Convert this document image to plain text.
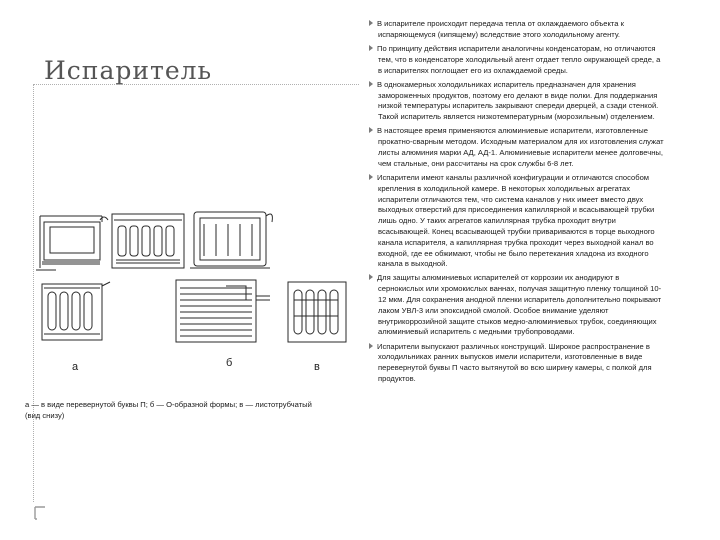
Испаритель
В испарителе происходит передача тепла от охлаждаемого объекта к испаряющемуся (кипящему) вследствие этого холодильному агенту.
По принципу действия испарители аналогичны конденсаторам, но отличаются тем, что в конденсаторе холодильный агент отдает тепло окружающей среде, а в испарителях поглощает его из охлаждаемой среды.
В однокамерных холодильниках испаритель предназначен для хранения замороженных продуктов, поэтому его делают в виде полки. Для поддержания низкой температуры испаритель закрывают спереди дверцей, а сзади стенкой. Такой испаритель является низкотемпературным (морозильным) отделением.
В настоящее время применяются алюминиевые испарители, изготовленные прокатно-сварным методом. Исходным материалом для их изготовления служат листы алюминия марки АД, АД-1. Алюминиевые испарители менее долговечны, чем стальные, они рассчитаны на срок службы 6-8 лет.
Испарители имеют каналы различной конфигурации и отличаются способом крепления в холодильной камере. В некоторых холодильных агрегатах испарители отличаются тем, что система каналов у них имеет вместо двух выходных отверстий для присоединения капиллярной и всасывающей трубки лишь одно. У таких агрегатов капиллярная трубка проходит внутри всасывающей. Конец всасывающей трубки привариваются в торце выходного канала испарителя, а капиллярная трубка проходит через выходной канал во входной, где ее обжимают, чтобы не было перетекания хладона из входного канала в выходной.
Для защиты алюминиевых испарителей от коррозии их анодируют в сернокислых или хромокислых ваннах, получая защитную пленку толщиной 10-12 мкм. Для сохранения анодной пленки испаритель дополнительно покрывают лаком УВЛ-3 или эпоксидной смолой. Особое внимание уделяют внутрикоррозийной защите стыков медно-алюминиевых трубок, соединяющих алюминиевый испаритель с медными трубопроводами.
Испарители выпускают различных конструкций. Широкое распространение в холодильниках ранних выпусков имели испарители, изготовленные в виде перевернутой буквы П часто вытянутой во всю ширину камеры, с полкой для продуктов.
а	б	в
а — в виде перевернутой буквы П; б — О-образной формы; в — листотрубчатый (вид снизу)
